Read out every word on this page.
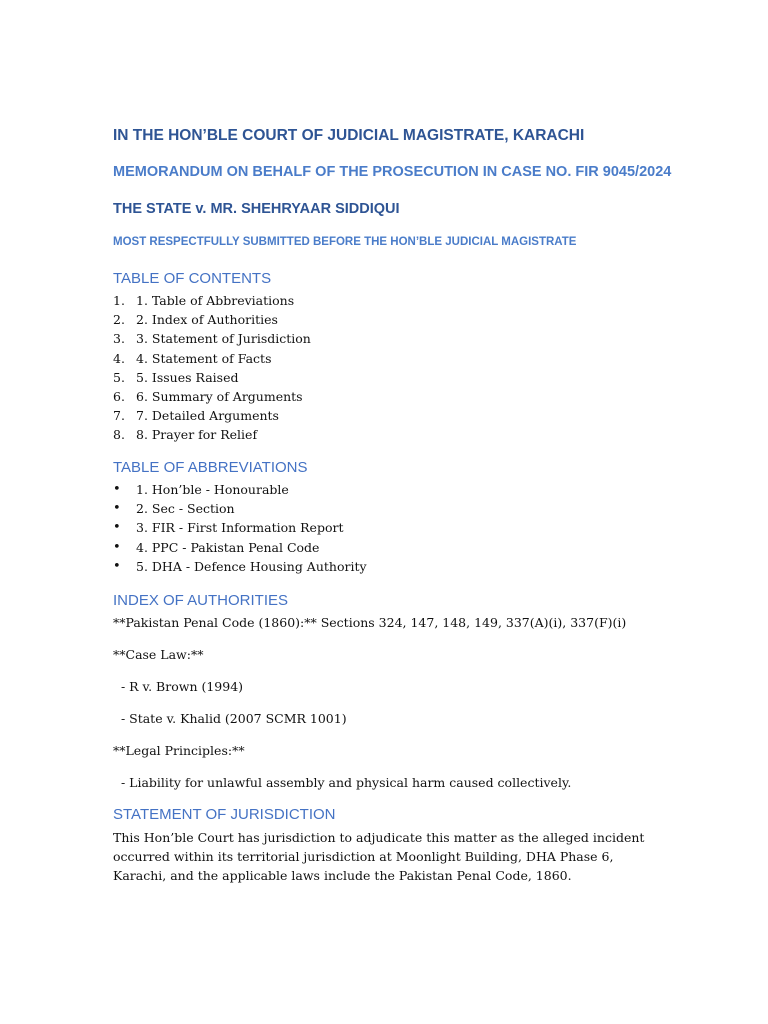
IN THE HON’BLE COURT OF JUDICIAL MAGISTRATE, KARACHI
MEMORANDUM ON BEHALF OF THE PROSECUTION IN CASE NO. FIR 9045/2024
THE STATE v. MR. SHEHRYAAR SIDDIQUI
MOST RESPECTFULLY SUBMITTED BEFORE THE HON’BLE JUDICIAL MAGISTRATE
TABLE OF CONTENTS
1. 1. Table of Abbreviations
2. 2. Index of Authorities
3. 3. Statement of Jurisdiction
4. 4. Statement of Facts
5. 5. Issues Raised
6. 6. Summary of Arguments
7. 7. Detailed Arguments
8. 8. Prayer for Relief
TABLE OF ABBREVIATIONS
• 1. Hon’ble - Honourable
• 2. Sec - Section
• 3. FIR - First Information Report
• 4. PPC - Pakistan Penal Code
• 5. DHA - Defence Housing Authority
INDEX OF AUTHORITIES

**Pakistan Penal Code (1860):** Sections 324, 147, 148, 149, 337(A)(i), 337(F)(i)

**Case Law:**

- R v. Brown (1994)

- State v. Khalid (2007 SCMR 1001)

**Legal Principles:**

- Liability for unlawful assembly and physical harm caused collectively.

STATEMENT OF JURISDICTION

This Hon’ble Court has jurisdiction to adjudicate this matter as the alleged incident occurred within its territorial jurisdiction at Moonlight Building, DHA Phase 6, Karachi, and the applicable laws include the Pakistan Penal Code, 1860.
